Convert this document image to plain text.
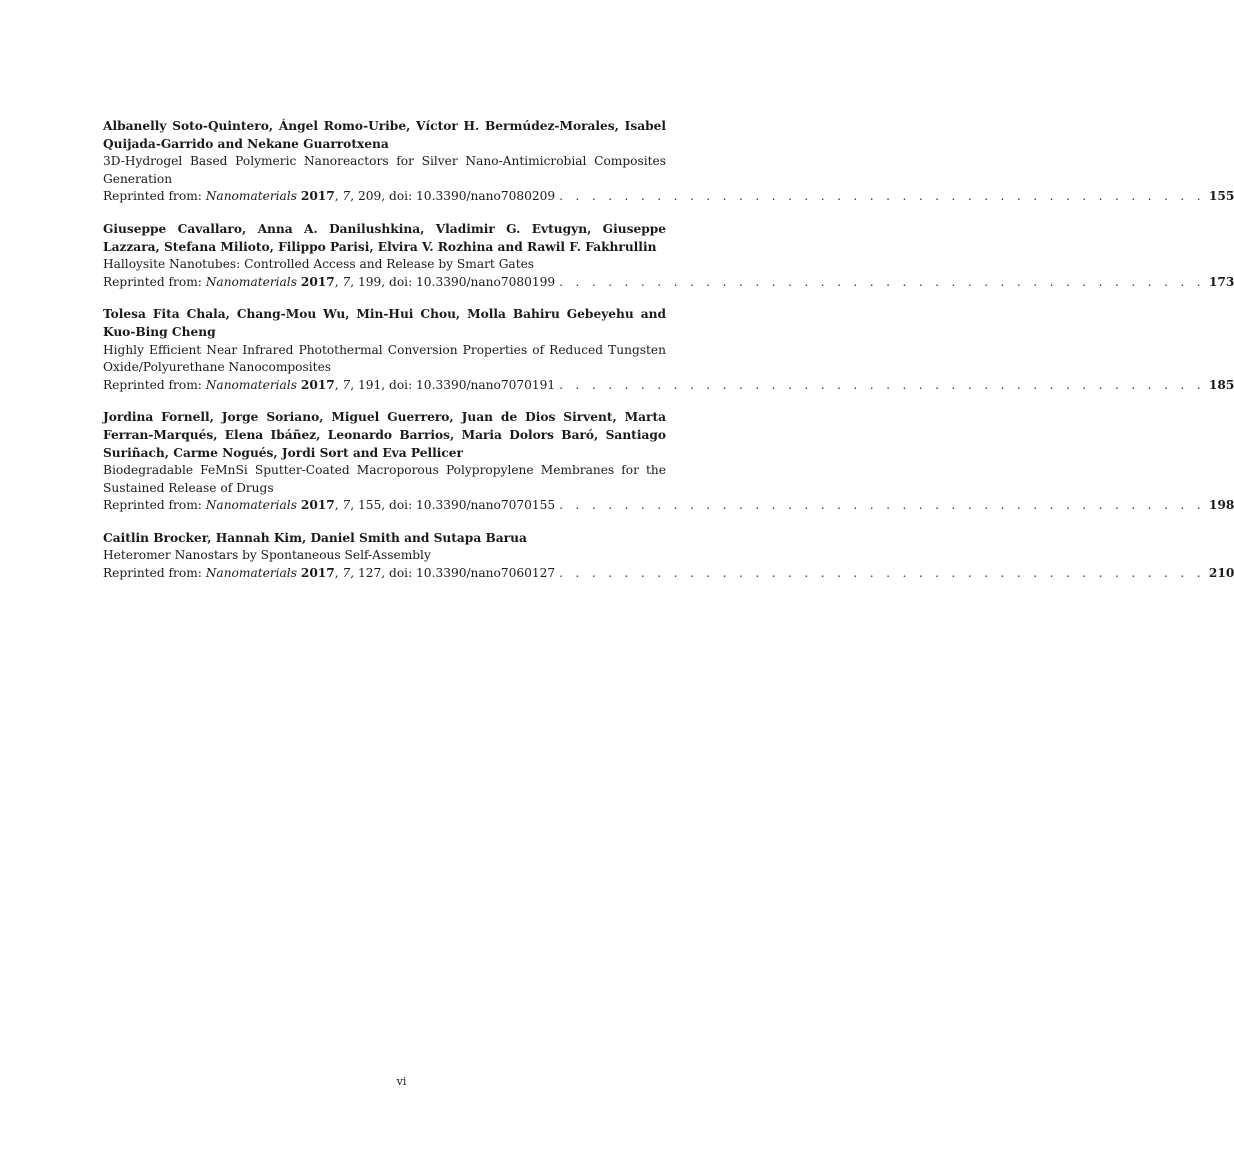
Albanelly Soto-Quintero, Ángel Romo-Uribe, Víctor H. Bermúdez-Morales, Isabel Quijada-Garrido and Nekane Guarrotxena
3D-Hydrogel Based Polymeric Nanoreactors for Silver Nano-Antimicrobial Composites Generation
Reprinted from: Nanomaterials 2017, 7, 209, doi: 10.3390/nano7080209 . . . . . . . . . . . . . . . . . . . . . . . . . . . . . . . . . . . . . . . . 155
Giuseppe Cavallaro, Anna A. Danilushkina, Vladimir G. Evtugyn, Giuseppe Lazzara, Stefana Milioto, Filippo Parisi, Elvira V. Rozhina and Rawil F. Fakhrullin
Halloysite Nanotubes: Controlled Access and Release by Smart Gates
Reprinted from: Nanomaterials 2017, 7, 199, doi: 10.3390/nano7080199 . . . . . . . . . . . . . . . . . . . . . . . . . . . . . . . . . . . . . . . . 173
Tolesa Fita Chala, Chang-Mou Wu, Min-Hui Chou, Molla Bahiru Gebeyehu and Kuo-Bing Cheng
Highly Efficient Near Infrared Photothermal Conversion Properties of Reduced Tungsten Oxide/Polyurethane Nanocomposites
Reprinted from: Nanomaterials 2017, 7, 191, doi: 10.3390/nano7070191 . . . . . . . . . . . . . . . . . . . . . . . . . . . . . . . . . . . . . . . . 185
Jordina Fornell, Jorge Soriano, Miguel Guerrero, Juan de Dios Sirvent, Marta Ferran-Marqués, Elena Ibáñez, Leonardo Barrios, Maria Dolors Baró, Santiago Suriñach, Carme Nogués, Jordi Sort and Eva Pellicer
Biodegradable FeMnSi Sputter-Coated Macroporous Polypropylene Membranes for the Sustained Release of Drugs
Reprinted from: Nanomaterials 2017, 7, 155, doi: 10.3390/nano7070155 . . . . . . . . . . . . . . . . . . . . . . . . . . . . . . . . . . . . . . . . 198
Caitlin Brocker, Hannah Kim, Daniel Smith and Sutapa Barua
Heteromer Nanostars by Spontaneous Self-Assembly
Reprinted from: Nanomaterials 2017, 7, 127, doi: 10.3390/nano7060127 . . . . . . . . . . . . . . . . . . . . . . . . . . . . . . . . . . . . . . . . 210
vi
